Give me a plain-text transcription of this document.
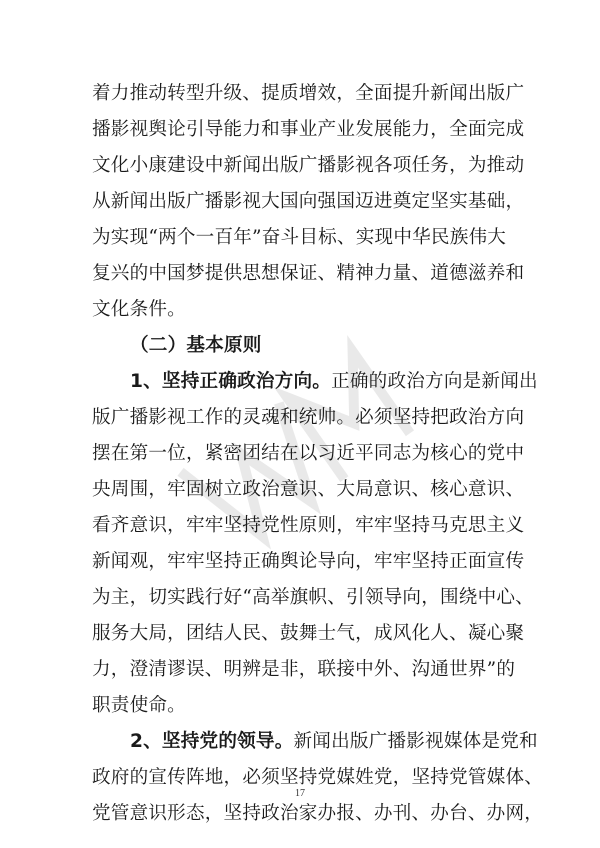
着力推动转型升级、提质增效，全面提升新闻出版广
播影视舆论引导能力和事业产业发展能力，全面完成
文化小康建设中新闻出版广播影视各项任务，为推动
从新闻出版广播影视大国向强国迈进奠定坚实基础，
为实现“两个一百年”奋斗目标、实现中华民族伟大
复兴的中国梦提供思想保证、精神力量、道德滋养和
文化条件。
（二）基本原则
1、坚持正确政治方向。正确的政治方向是新闻出
版广播影视工作的灵魂和统帅。必须坚持把政治方向
摆在第一位，紧密团结在以习近平同志为核心的党中
央周围，牢固树立政治意识、大局意识、核心意识、
看齐意识，牢牢坚持党性原则，牢牢坚持马克思主义
新闻观，牢牢坚持正确舆论导向，牢牢坚持正面宣传
为主，切实践行好“高举旗帜、引领导向，围绕中心、
服务大局，团结人民、鼓舞士气，成风化人、凝心聚
力，澄清谬误、明辨是非，联接中外、沟通世界”的
职责使命。
2、坚持党的领导。新闻出版广播影视媒体是党和
政府的宣传阵地，必须坚持党媒姓党，坚持党管媒体、
党管意识形态，坚持政治家办报、办刊、办台、办网，
17
